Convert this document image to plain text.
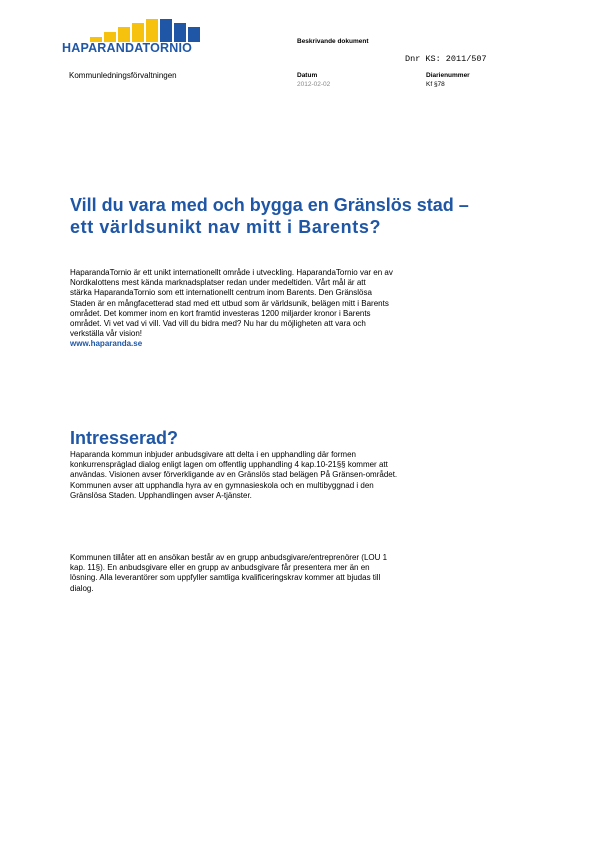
HAPARANDATORNIO
Kommunledningsförvaltningen
Beskrivande dokument
Dnr KS: 2011/507
Datum
2012-02-02
Diarienummer
Kf §78
Vill du vara med och bygga en Gränslös stad –
ett världsunikt nav mitt i Barents?
HaparandaTornio är ett unikt internationellt område i utveckling. HaparandaTornio var en av
Nordkalottens mest kända marknadsplatser redan under medeltiden. Vårt mål är att
stärka HaparandaTornio som ett internationellt centrum inom Barents. Den Gränslösa
Staden är en mångfacetterad stad med ett utbud som är världsunik, belägen mitt i Barents
området. Det kommer inom en kort framtid investeras 1200 miljarder kronor i Barents
området. Vi vet vad vi vill. Vad vill du bidra med? Nu har du möjligheten att vara och
verkställa vår vision!
www.haparanda.se
Intresserad?
Haparanda kommun inbjuder anbudsgivare att delta i en upphandling där formen
konkurrenspräglad dialog enligt lagen om offentlig upphandling 4 kap.10-21§§ kommer att
användas. Visionen avser förverkligande av en Gränslös stad belägen På Gränsen-området.
Kommunen avser att upphandla hyra av en gymnasieskola och en multibyggnad i den
Gränslösa Staden. Upphandlingen avser A-tjänster.
Kommunen tillåter att en ansökan består av en grupp anbudsgivare/entreprenörer (LOU 1
kap. 11§). En anbudsgivare eller en grupp av anbudsgivare får presentera mer än en
lösning. Alla leverantörer som uppfyller samtliga kvalificeringskrav kommer att bjudas till
dialog.
